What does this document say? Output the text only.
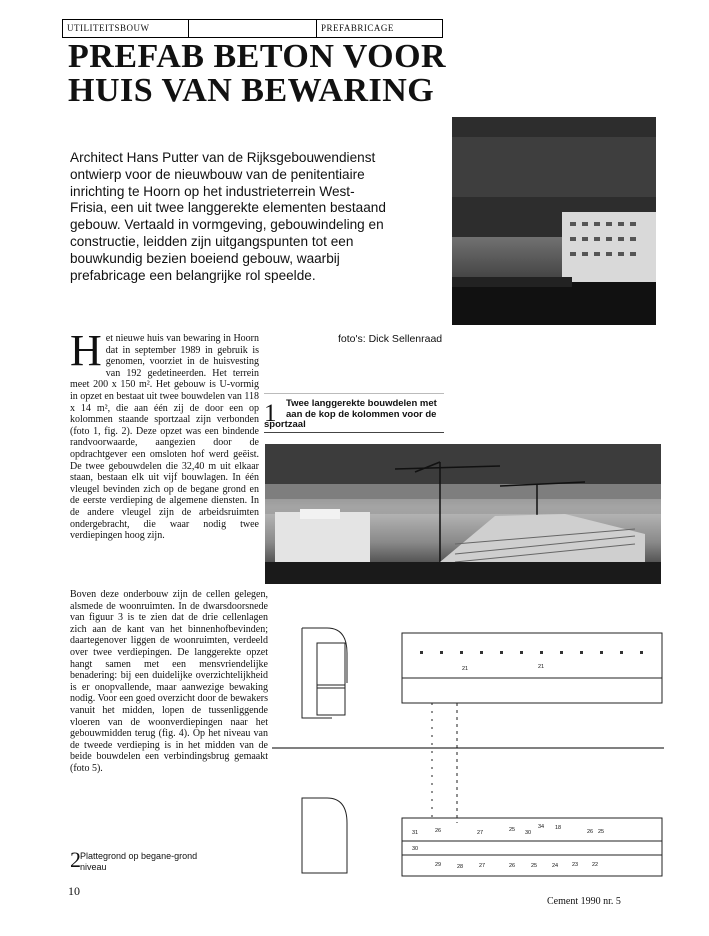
UTILITEITSBOUW	PREFABRICAGE
PREFAB BETON VOOR HUIS VAN BEWARING

Architect Hans Putter van de Rijksgebouwendienst ontwierp voor de nieuwbouw van de penitentiaire inrichting te Hoorn op het industrieterrein West-Frisia, een uit twee langgerekte elementen bestaand gebouw. Vertaald in vormgeving, gebouwindeling en constructie, leidden zijn uitgangspunten tot een bouwkundig bezien boeiend gebouw, waarbij prefabricage een belangrijke rol speelde.

foto's: Dick Sellenraad
1 Twee langgerekte bouwdelen met aan de kop de kolommen voor de
sportzaal
H et nieuwe huis van bewaring in Hoorn dat in september 1989 in gebruik is genomen, voorziet in de huisvesting van 192 gedetineerden. Het terrein meet 200 x 150 m². Het gebouw is U-vormig in opzet en bestaat uit twee bouwdelen van 118 x 14 m², die aan één zij de door een op kolommen staande sportzaal zijn verbonden (foto 1, fig. 2). Deze opzet was een bindende randvoorwaarde, aangezien door de opdrachtgever een omsloten hof werd geëist. De twee gebouwdelen die 32,40 m uit elkaar staan, bestaan elk uit vijf bouwlagen. In één vleugel bevinden zich op de begane grond en de eerste verdieping de algemene diensten. In de andere vleugel zijn de arbeidsruimten ondergebracht, die waar nodig twee verdiepingen hoog zijn.

Boven deze onderbouw zijn de cellen gelegen, alsmede de woonruimten. In de dwarsdoorsnede van figuur 3 is te zien dat de drie cellenlagen zich aan de kant van het binnenhofbevinden; daartegenover liggen de woonruimten, verdeeld over twee verdiepingen. De langgerekte opzet hangt samen met een mensvriendelijke benadering: bij een duidelijke overzichtelijkheid is er onopvallende, maar aanwezige bewaking nodig. Voor een goed overzicht door de bewakers vanuit het midden, lopen de tussenliggende vloeren van de woonverdiepingen naar het gebouwmidden terug (fig. 4). Op het niveau van de tweede verdieping is in het midden van de beide bouwdelen een verbindingsbrug gemaakt (foto 5).

21	21
31	26	27	25 30
34 18
26 25
30
29	28	27	26	25	24	23	22
2 Plattegrond op begane-grond
niveau
10
Cement 1990 nr. 5
